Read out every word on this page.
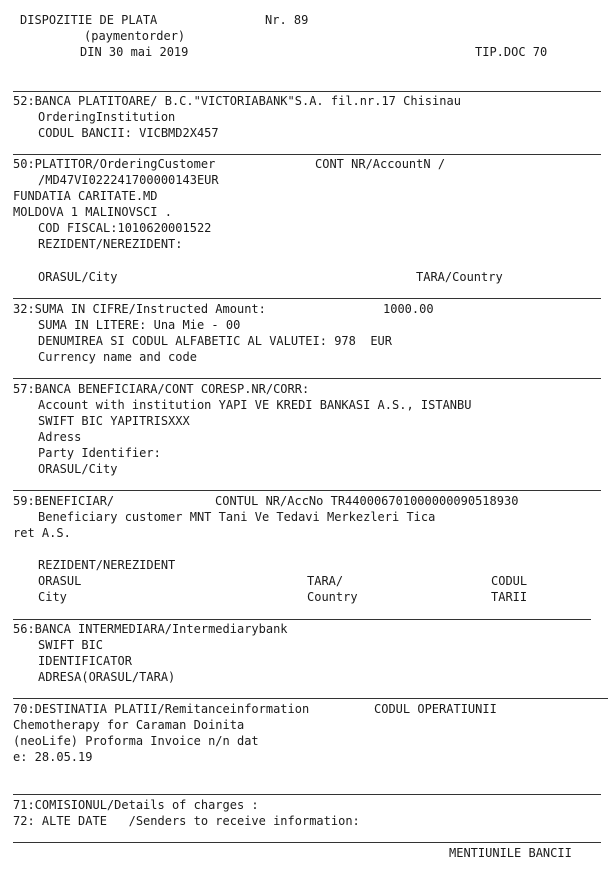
DISPOZITIE DE PLATA	Nr. 89
(paymentorder)
DIN 30 mai 2019	TIP.DOC 70
52:BANCA PLATITOARE/ B.C."VICTORIABANK"S.A. fil.nr.17 Chisinau
OrderingInstitution
CODUL BANCII: VICBMD2X457
50:PLATITOR/OrderingCustomer	CONT NR/AccountN /
/MD47VI022241700000143EUR
FUNDATIA CARITATE.MD
MOLDOVA 1 MALINOVSCI .
COD FISCAL:1010620001522
REZIDENT/NEREZIDENT:
ORASUL/City	TARA/Country
32:SUMA IN CIFRE/Instructed Amount:	1000.00
SUMA IN LITERE: Una Mie - 00
DENUMIREA SI CODUL ALFABETIC AL VALUTEI: 978  EUR
Currency name and code
57:BANCA BENEFICIARA/CONT CORESP.NR/CORR:
Account with institution YAPI VE KREDI BANKASI A.S., ISTANBU
SWIFT BIC YAPITRISXXX
Adress
Party Identifier:
ORASUL/City
59:BENEFICIAR/	CONTUL NR/AccNo TR440006701000000090518930
Beneficiary customer MNT Tani Ve Tedavi Merkezleri Tica
ret A.S.
REZIDENT/NEREZIDENT
ORASUL	TARA/	CODUL
City	Country	TARII
56:BANCA INTERMEDIARA/Intermediarybank
SWIFT BIC
IDENTIFICATOR
ADRESA(ORASUL/TARA)
70:DESTINATIA PLATII/Remitanceinformation	CODUL OPERATIUNII
Chemotherapy for Caraman Doinita
(neoLife) Proforma Invoice n/n dat
e: 28.05.19
71:COMISIONUL/Details of charges :
72: ALTE DATE   /Senders to receive information:
MENTIUNILE BANCII
